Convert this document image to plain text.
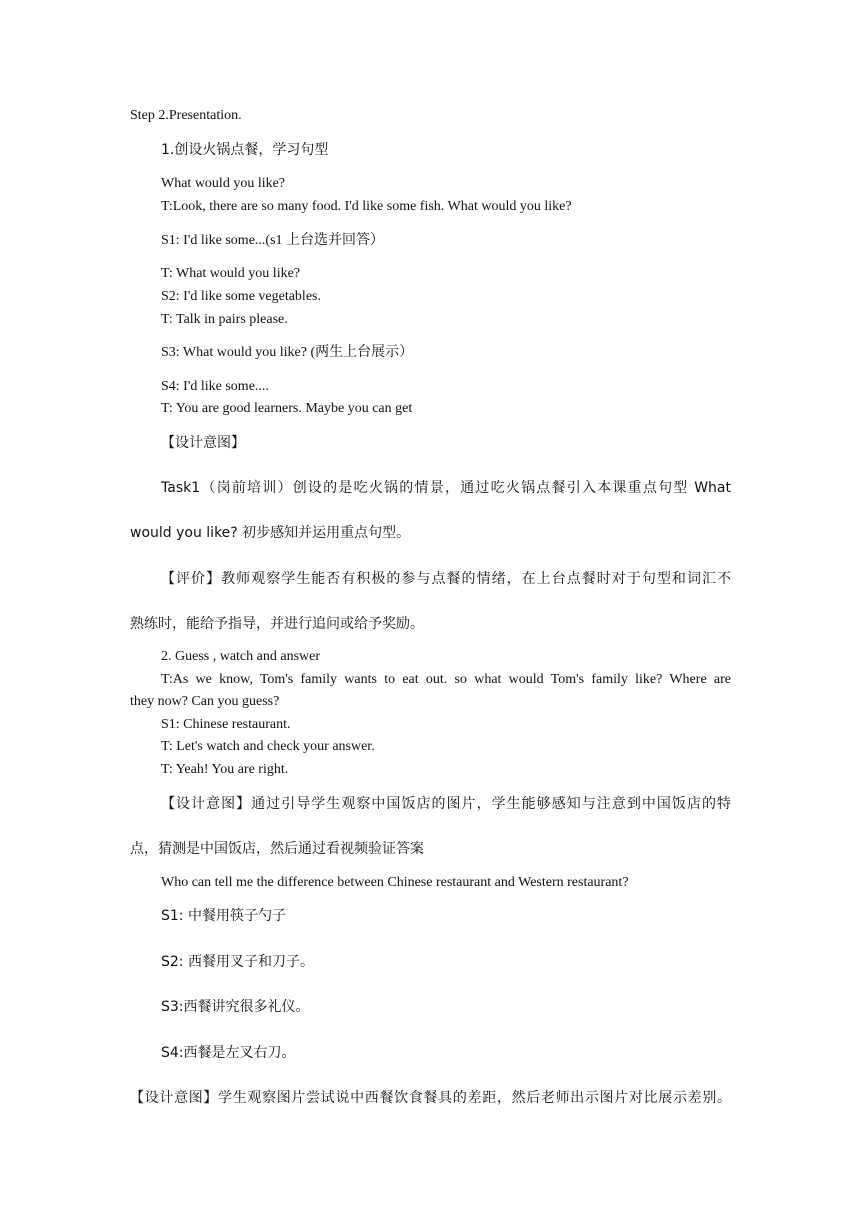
Step 2.Presentation.
1.创设火锅点餐，学习句型
What would you like?
T:Look, there are so many food. I'd like some fish. What would you like?
S1: I'd like some...(s1 上台选并回答）
T: What would you like?
S2: I'd like some vegetables.
T: Talk in pairs please.
S3: What would you like? (两生上台展示）
S4: I'd like some....
T: You are good learners. Maybe you can get
【设计意图】
Task1（岗前培训）创设的是吃火锅的情景，通过吃火锅点餐引入本课重点句型 What
would you like? 初步感知并运用重点句型。
【评价】教师观察学生能否有积极的参与点餐的情绪，在上台点餐时对于句型和词汇不
熟练时，能给予指导，并进行追问或给予奖励。
2. Guess , watch and answer
T:As we know, Tom's family wants to eat out. so what would Tom's family like? Where are
they now? Can you guess?
S1: Chinese restaurant.
T: Let's watch and check your answer.
T: Yeah! You are right.
【设计意图】通过引导学生观察中国饭店的图片，学生能够感知与注意到中国饭店的特
点，猜测是中国饭店，然后通过看视频验证答案
Who can tell me the difference between Chinese restaurant and Western restaurant?
S1: 中餐用筷子勺子
S2: 西餐用叉子和刀子。
S3:西餐讲究很多礼仪。
S4:西餐是左叉右刀。
【设计意图】学生观察图片尝试说中西餐饮食餐具的差距，然后老师出示图片对比展示差别。
